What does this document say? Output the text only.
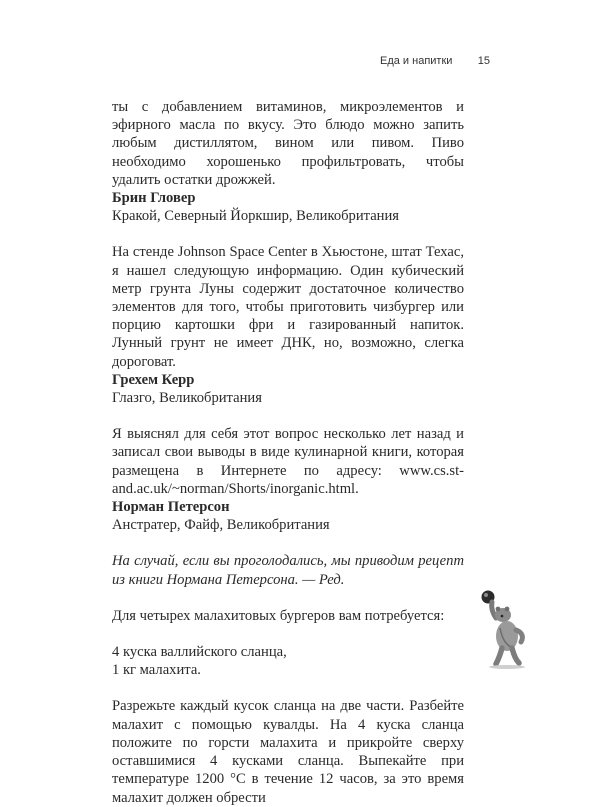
Еда и напитки 15

ты с добавлением витаминов, микроэлементов и эфирного масла по вкусу. Это блюдо можно запить любым дистиллятом, вином или пивом. Пиво необходимо хорошенько профильтровать, чтобы удалить остатки дрожжей.

Брин Гловер

Кракой, Северный Йоркшир, Великобритания

На стенде Johnson Space Center в Хьюстоне, штат Техас, я нашел следующую информацию. Один кубический метр грунта Луны содержит достаточное количество элементов для того, чтобы приготовить чизбургер или порцию картошки фри и газированный напиток. Лунный грунт не имеет ДНК, но, возможно, слегка дороговат.

Грехем Керр

Глазго, Великобритания

Я выяснял для себя этот вопрос несколько лет назад и записал свои выводы в виде кулинарной книги, которая размещена в Интернете по адресу: www.cs.st-and.ac.uk/~norman/Shorts/inorganic.html.

Норман Петерсон

Анстратер, Файф, Великобритания

На случай, если вы проголодались, мы приводим рецепт из книги Нормана Петерсона. — Ред.

Для четырех малахитовых бургеров вам потребуется:

4 куска валлийского сланца,

1 кг малахита.

Разрежьте каждый кусок сланца на две части. Разбейте малахит с помощью кувалды. На 4 куска сланца положите по горсти малахита и прикройте сверху оставшимися 4 кусками сланца. Выпекайте при температуре 1200 °C в течение 12 часов, за это время малахит должен обрести
